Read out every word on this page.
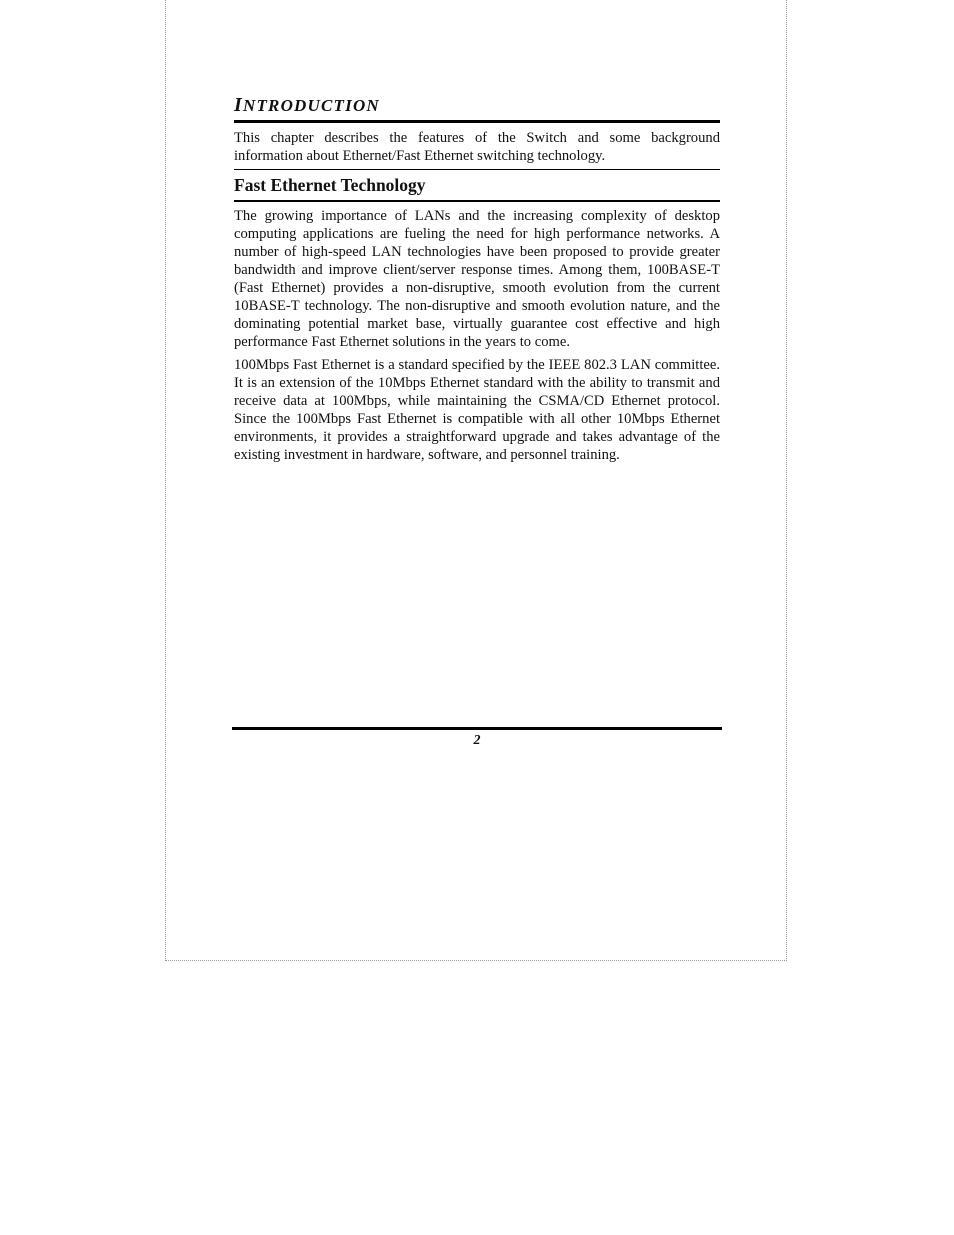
INTRODUCTION

This chapter describes the features of the Switch and some background information about Ethernet/Fast Ethernet switching technology.

Fast Ethernet Technology

The growing importance of LANs and the increasing complexity of desktop computing applications are fueling the need for high performance networks. A number of high-speed LAN technologies have been proposed to provide greater bandwidth and improve client/server response times. Among them, 100BASE-T (Fast Ethernet) provides a non-disruptive, smooth evolution from the current 10BASE-T technology. The non-disruptive and smooth evolution nature, and the dominating potential market base, virtually guarantee cost effective and high performance Fast Ethernet solutions in the years to come.

100Mbps Fast Ethernet is a standard specified by the IEEE 802.3 LAN committee. It is an extension of the 10Mbps Ethernet standard with the ability to transmit and receive data at 100Mbps, while maintaining the CSMA/CD Ethernet protocol. Since the 100Mbps Fast Ethernet is compatible with all other 10Mbps Ethernet environments, it provides a straightforward upgrade and takes advantage of the existing investment in hardware, software, and personnel training.

2
